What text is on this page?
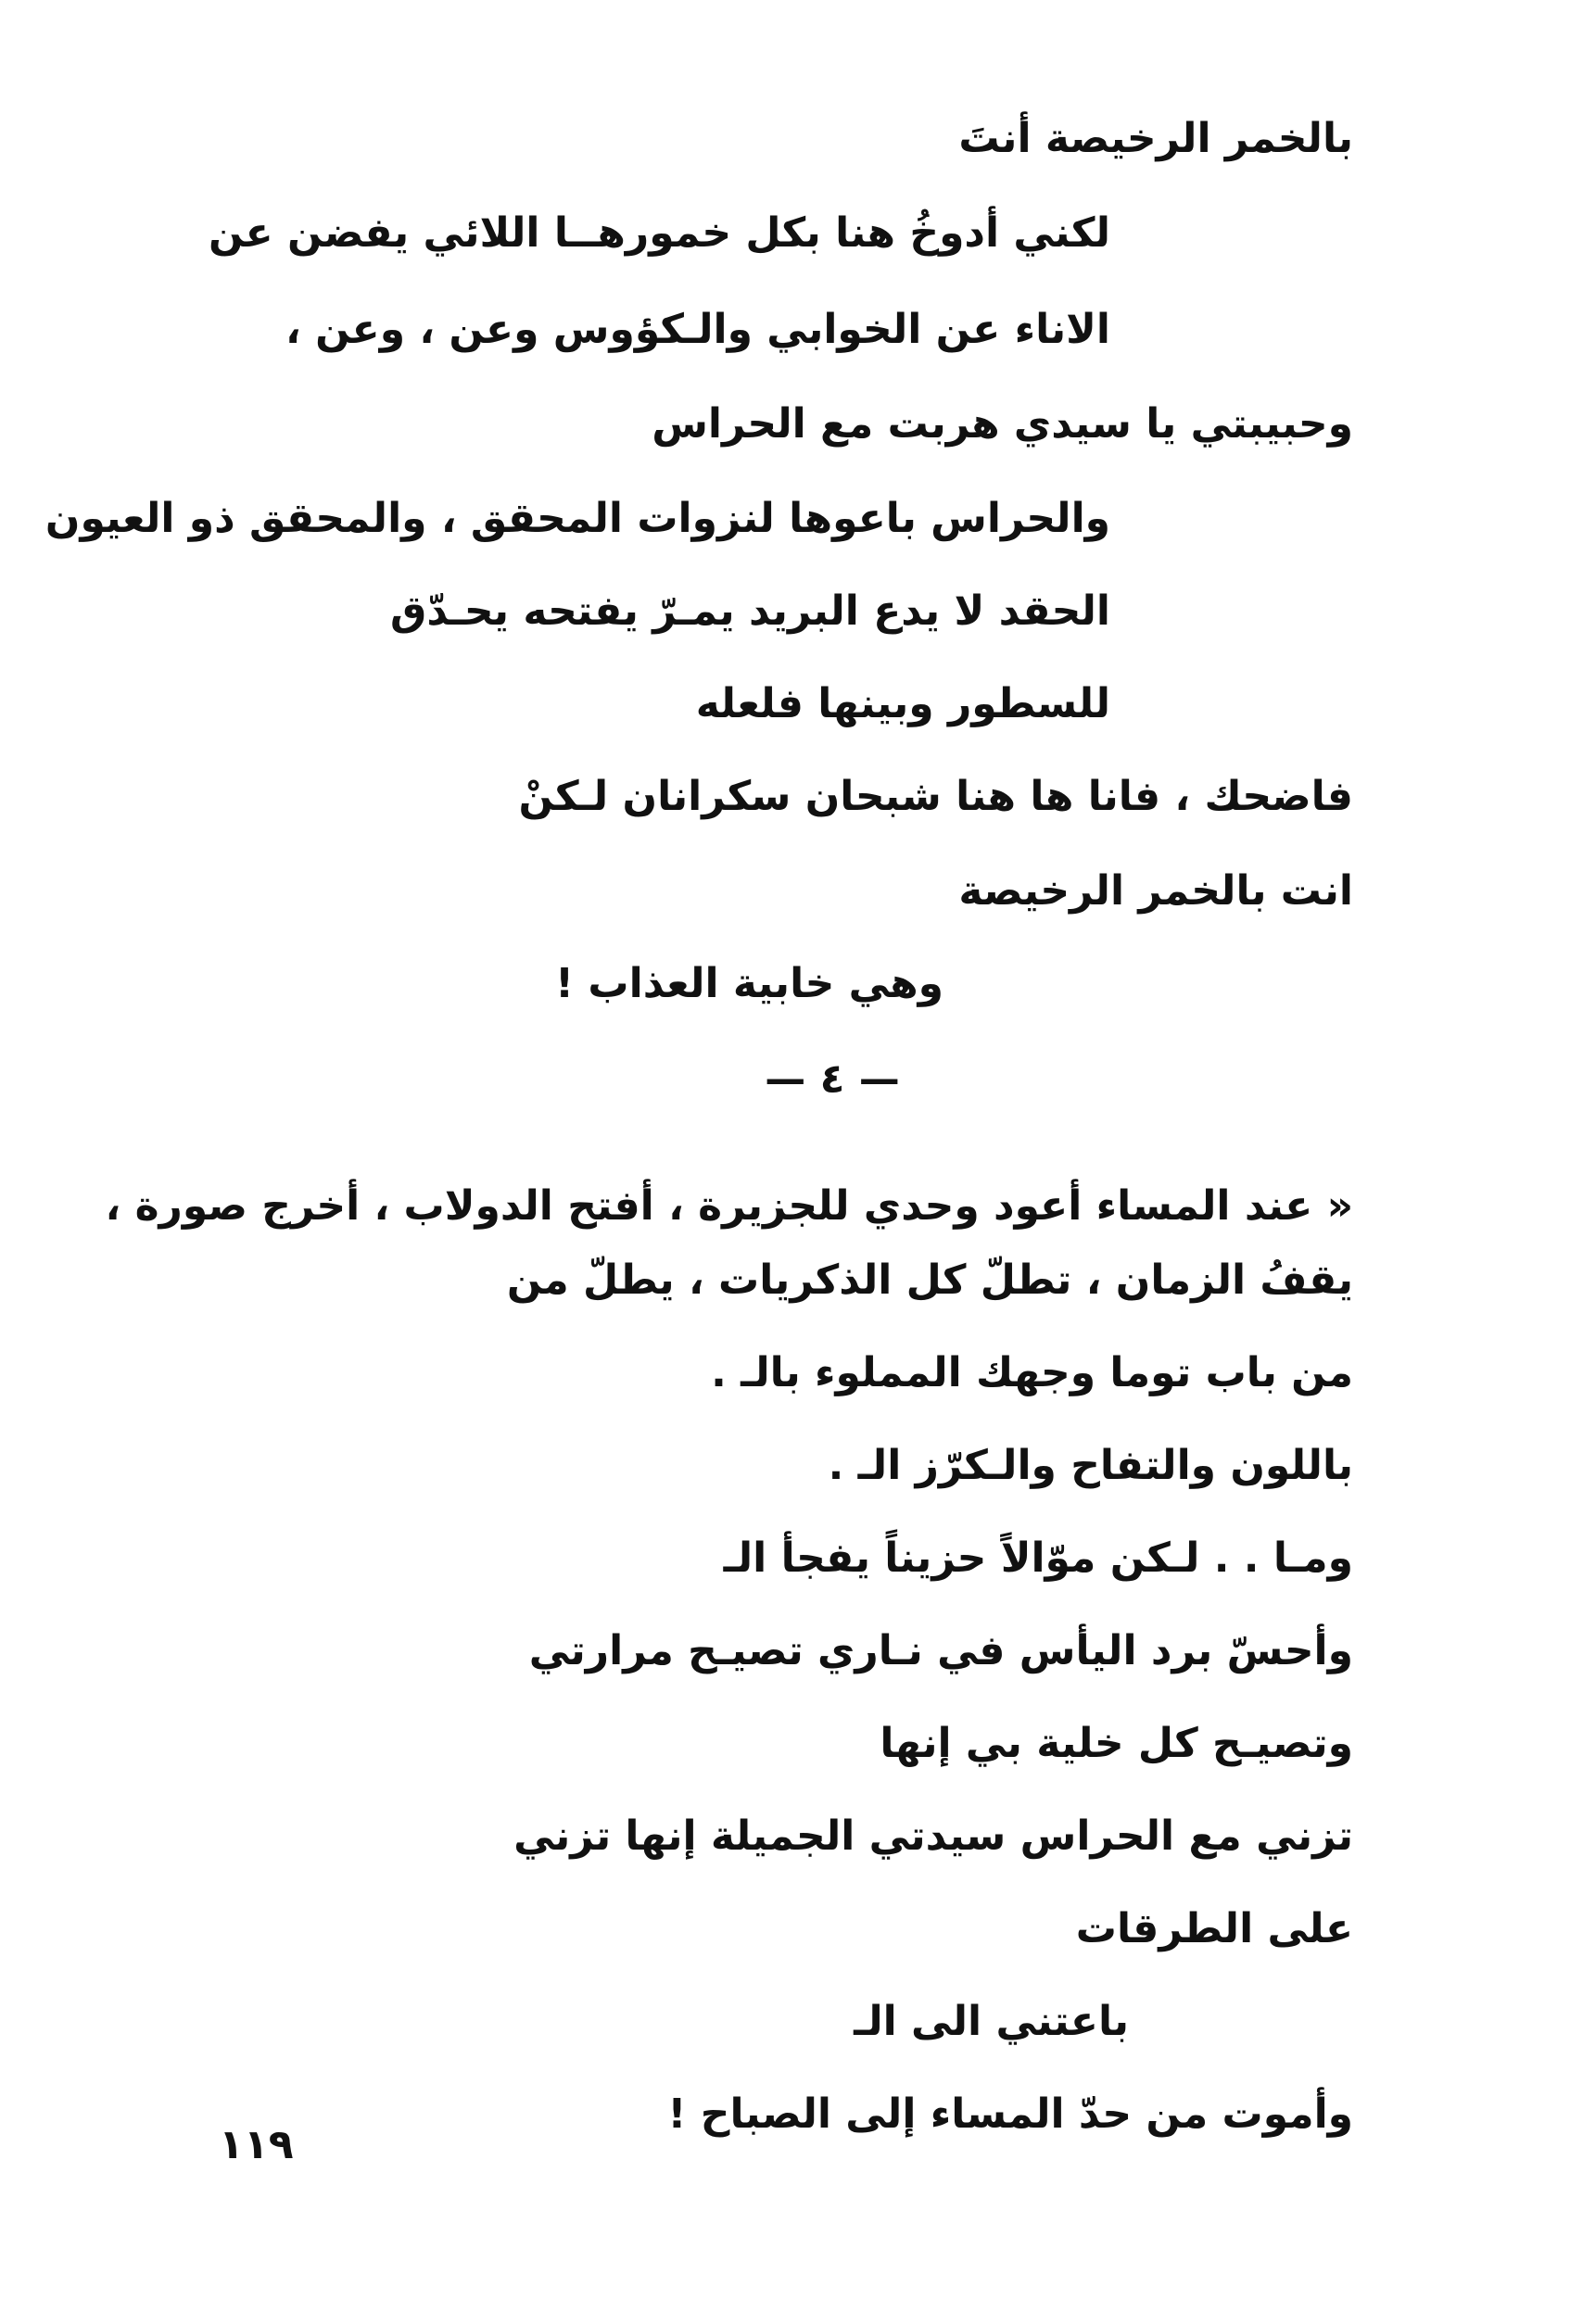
بالخمر الرخيصة أنتَ
لكني أدوخُ هنا بكل خمورهــا اللائي يفضن عن
الاناء عن الخوابي والـكؤوس وعن ، وعن ،
وحبيبتي يا سيدي هربت مع الحراس
والحراس باعوها لنزوات المحقق ، والمحقق ذو العيون
الحقد لا يدع البريد يمـرّ يفتحه يحـدّق
للسطور وبينها فلعله
فاضحك ، فانا ها هنا شبحان سكرانان لـكنْ
انت بالخمر الرخيصة
وهي خابية العذاب !
— ٤ —
« عند المساء أعود وحدي للجزيرة ، أفتح الدولاب ، أخرج صورة ،
يقفُ الزمان ، تطلّ كل الذكريات ، يطلّ من
من باب توما وجهك المملوء بالـ .
باللون والتفاح والـكرّز الـ .
ومـا . . لـكن موّالاً حزيناً يفجأ الـ
وأحسّ برد اليأس في نـاري تصيـح مرارتي
وتصيـح كل خلية بي إنها
تزني مع الحراس سيدتي الجميلة إنها تزني
على الطرقات
باعتني الى الـ
وأموت من حدّ المساء إلى الصباح !
١١٩
